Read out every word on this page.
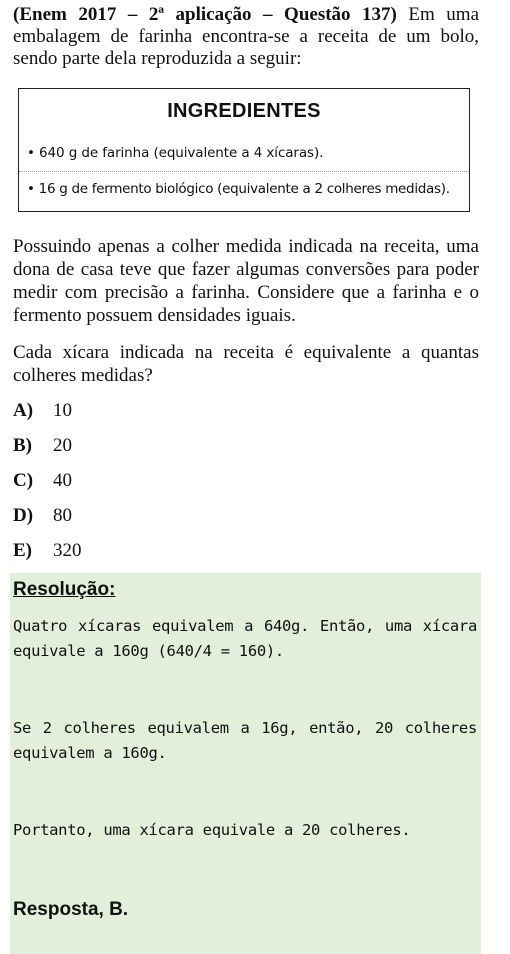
(Enem 2017 – 2ª aplicação – Questão 137) Em uma embalagem de farinha encontra-se a receita de um bolo, sendo parte dela reproduzida a seguir:
INGREDIENTES
• 640 g de farinha (equivalente a 4 xícaras).
• 16 g de fermento biológico (equivalente a 2 colheres medidas).
Possuindo apenas a colher medida indicada na receita, uma dona de casa teve que fazer algumas conversões para poder medir com precisão a farinha. Considere que a farinha e o fermento possuem densidades iguais.
Cada xícara indicada na receita é equivalente a quantas colheres medidas?
A) 10
B) 20
C) 40
D) 80
E) 320
Resolução:
Quatro xícaras equivalem a 640g. Então, uma xícara equivale a 160g (640/4 = 160).
Se 2 colheres equivalem a 16g, então, 20 colheres equivalem a 160g.
Portanto, uma xícara equivale a 20 colheres.
Resposta, B.
